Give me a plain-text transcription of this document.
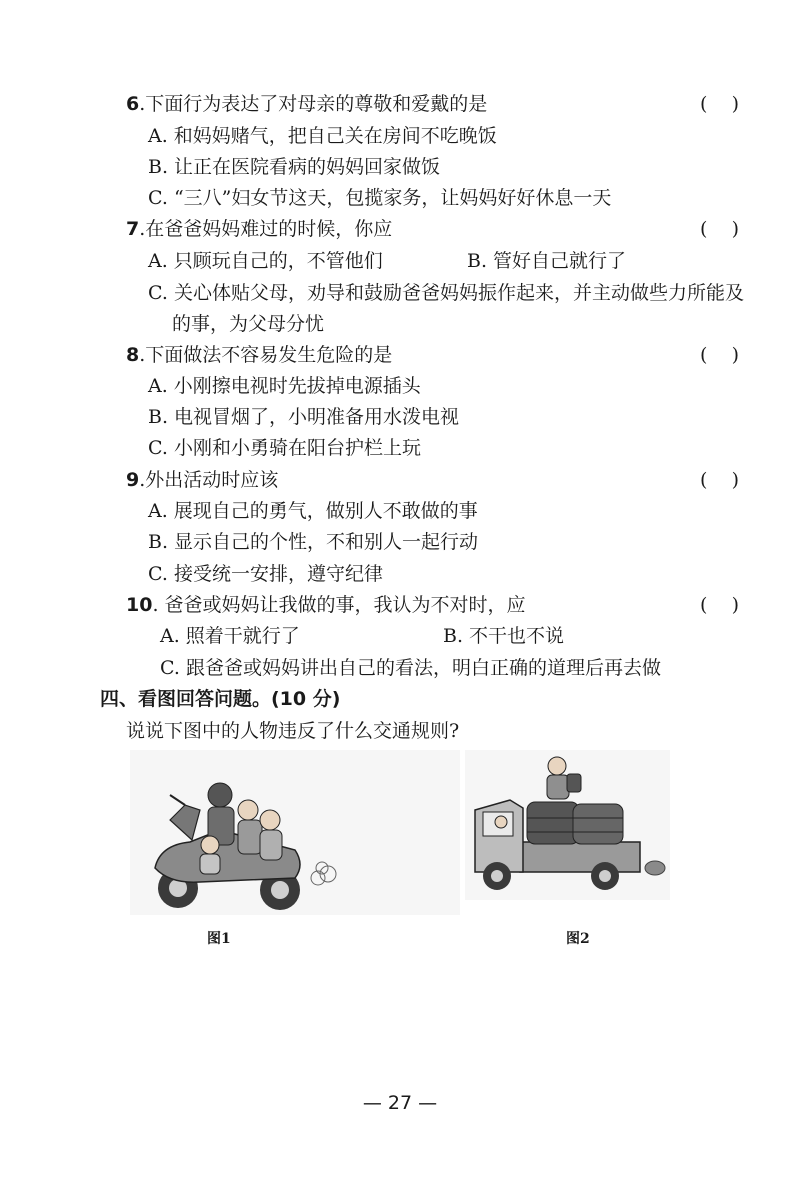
6.下面行为表达了对母亲的尊敬和爱戴的是	(    )
A. 和妈妈赌气，把自己关在房间不吃晚饭
B. 让正在医院看病的妈妈回家做饭
C. “三八”妇女节这天，包揽家务，让妈妈好好休息一天
7.在爸爸妈妈难过的时候，你应	(    )
A. 只顾玩自己的，不管他们	B. 管好自己就行了
C. 关心体贴父母，劝导和鼓励爸爸妈妈振作起来，并主动做些力所能及
的事，为父母分忧
8.下面做法不容易发生危险的是	(    )
A. 小刚擦电视时先拔掉电源插头
B. 电视冒烟了，小明准备用水泼电视
C. 小刚和小勇骑在阳台护栏上玩
9.外出活动时应该	(    )
A. 展现自己的勇气，做别人不敢做的事
B. 显示自己的个性，不和别人一起行动
C. 接受统一安排，遵守纪律
10. 爸爸或妈妈让我做的事，我认为不对时，应	(    )
A. 照着干就行了	B. 不干也不说
C. 跟爸爸或妈妈讲出自己的看法，明白正确的道理后再去做
四、看图回答问题。(10 分)
说说下图中的人物违反了什么交通规则?
图1	图2
— 27 —
